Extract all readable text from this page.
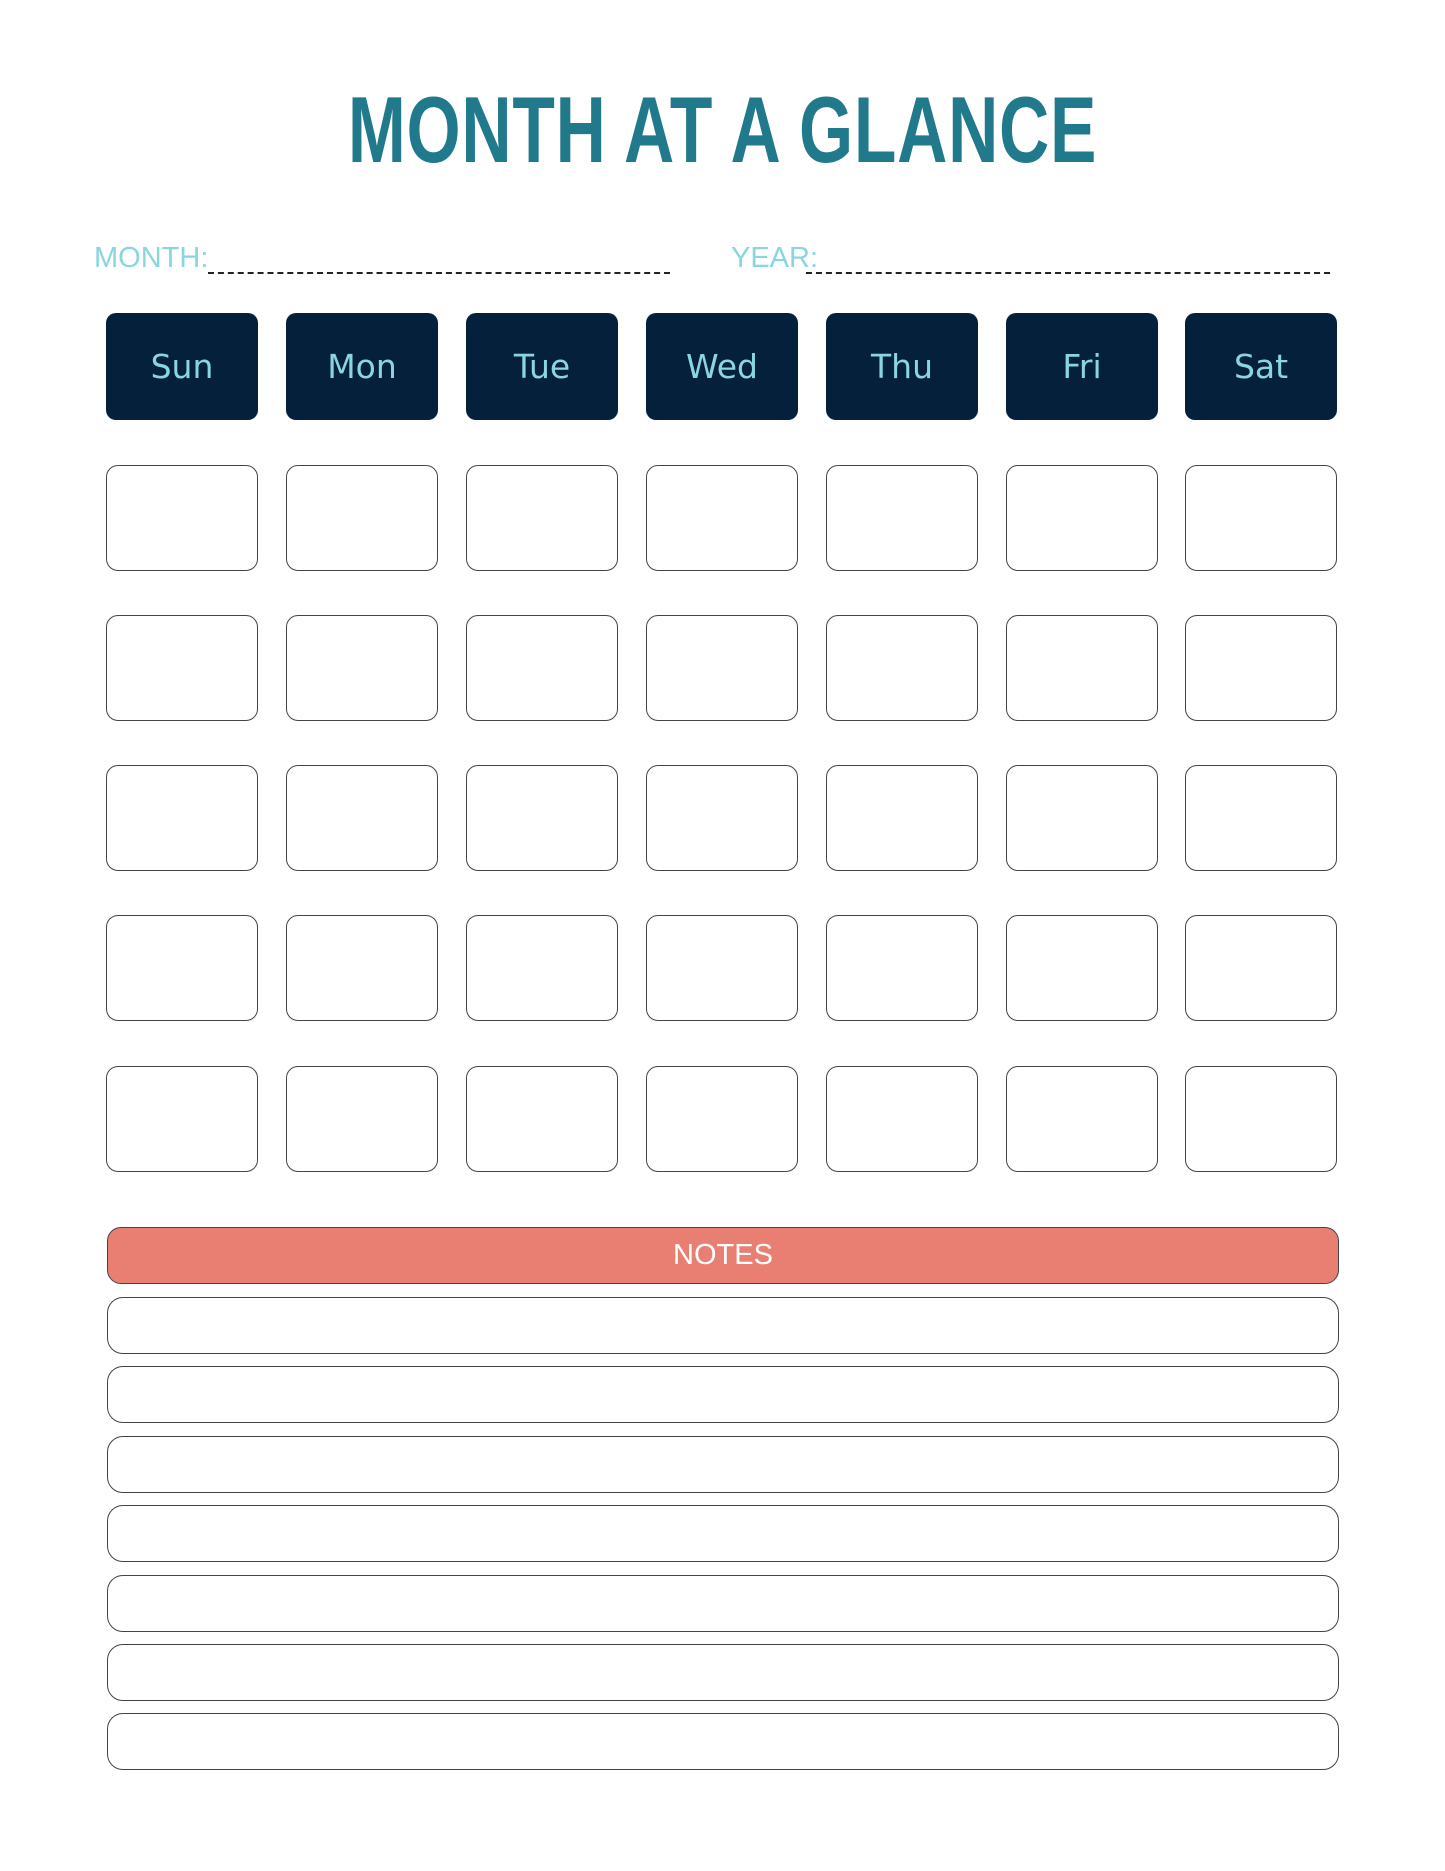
MONTH AT A GLANCE
MONTH:	YEAR:
Sun	Mon	Tue	Wed	Thu	Fri	Sat
NOTES
